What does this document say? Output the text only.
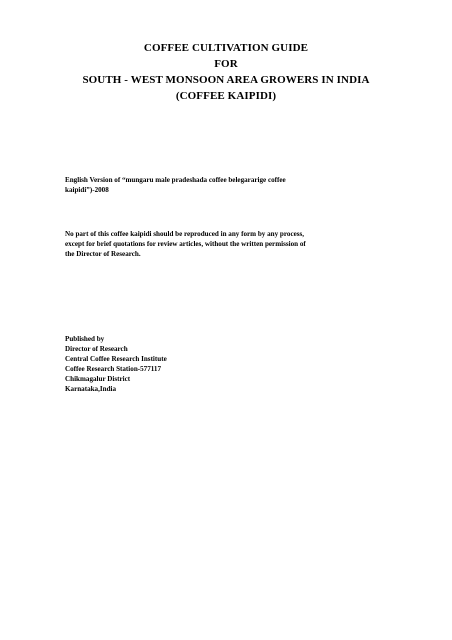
COFFEE CULTIVATION GUIDE
FOR
SOUTH - WEST MONSOON AREA GROWERS IN INDIA
(COFFEE KAIPIDI)
English Version of “mungaru male pradeshada coffee belegararige coffee
kaipidi”)-2008
No part of this coffee kaipidi should be reproduced in any form by any process,
except for brief quotations for review articles, without the written permission of
the Director of Research.
Published by
Director of Research
Central Coffee Research Institute
Coffee Research Station-577117
Chikmagalur District
Karnataka,India
